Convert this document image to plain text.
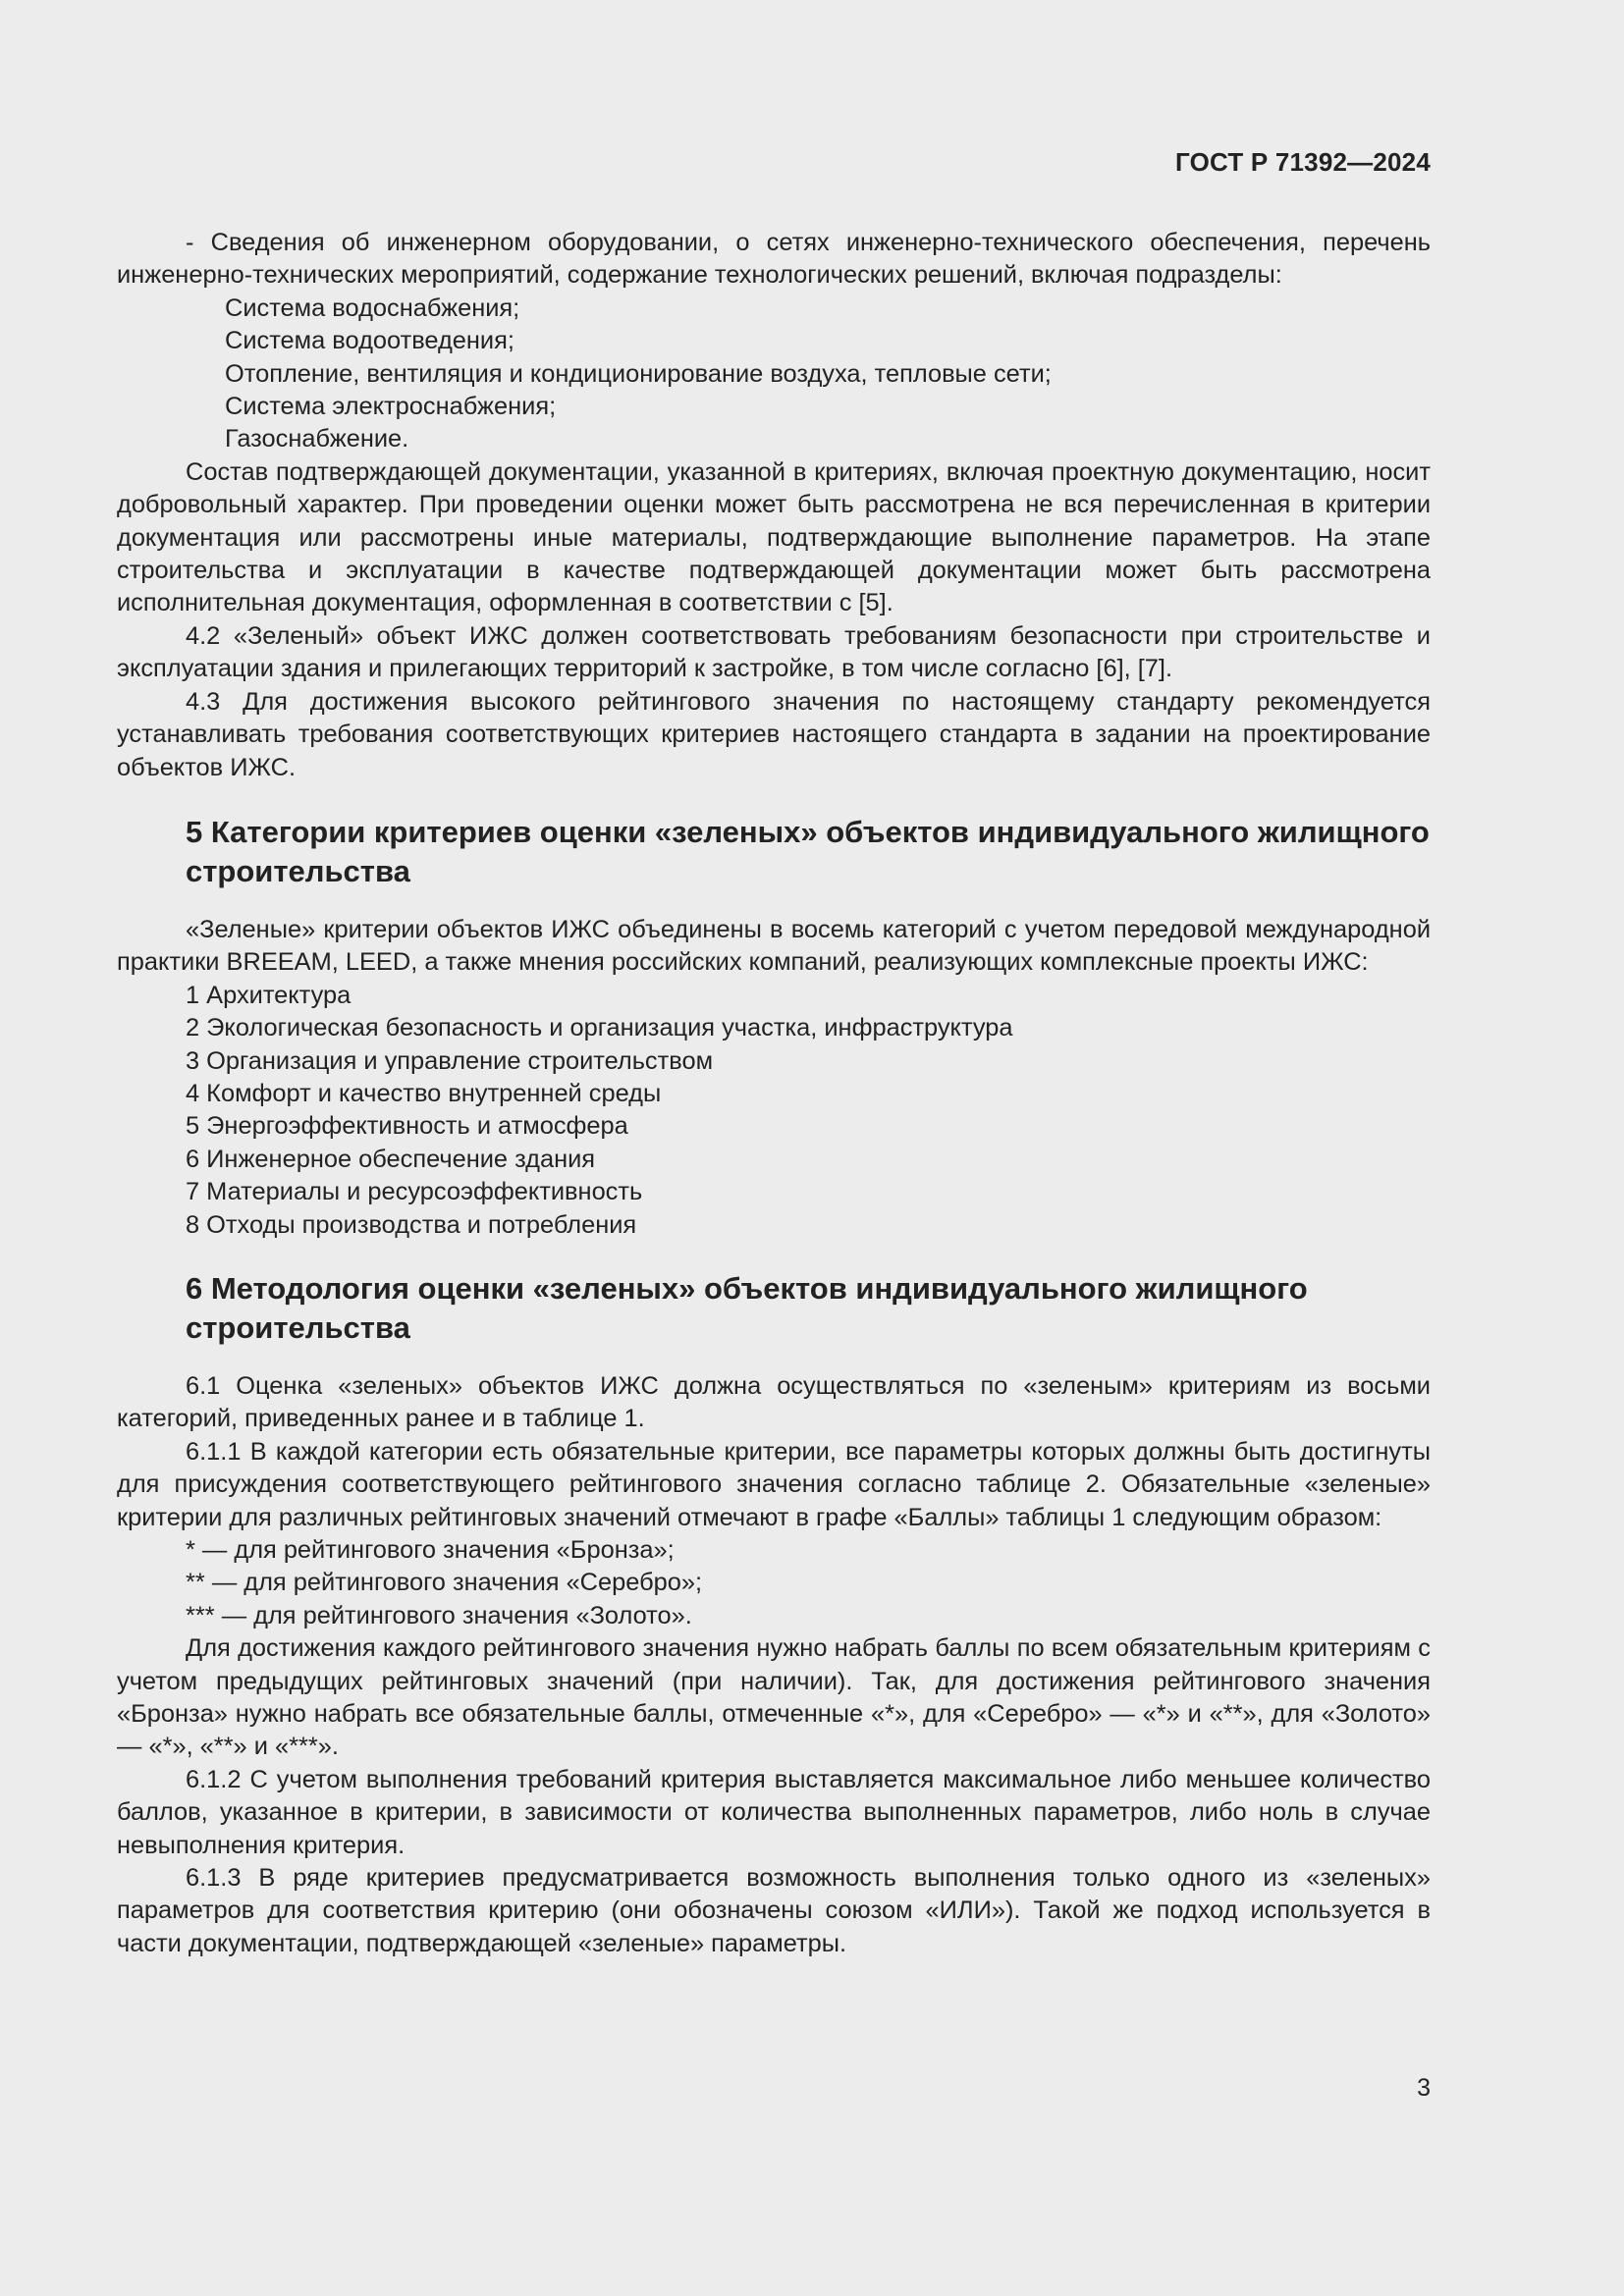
ГОСТ Р 71392—2024

- Сведения об инженерном оборудовании, о сетях инженерно-технического обеспечения, перечень инженерно-технических мероприятий, содержание технологических решений, включая подразделы:

Система водоснабжения;

Система водоотведения;

Отопление, вентиляция и кондиционирование воздуха, тепловые сети;

Система электроснабжения;

Газоснабжение.

Состав подтверждающей документации, указанной в критериях, включая проектную документацию, носит добровольный характер. При проведении оценки может быть рассмотрена не вся перечисленная в критерии документация или рассмотрены иные материалы, подтверждающие выполнение параметров. На этапе строительства и эксплуатации в качестве подтверждающей документации может быть рассмотрена исполнительная документация, оформленная в соответствии с [5].

4.2 «Зеленый» объект ИЖС должен соответствовать требованиям безопасности при строительстве и эксплуатации здания и прилегающих территорий к застройке, в том числе согласно [6], [7].

4.3 Для достижения высокого рейтингового значения по настоящему стандарту рекомендуется устанавливать требования соответствующих критериев настоящего стандарта в задании на проектирование объектов ИЖС.

5 Категории критериев оценки «зеленых» объектов индивидуального жилищного строительства

«Зеленые» критерии объектов ИЖС объединены в восемь категорий с учетом передовой международной практики BREEAM, LEED, а также мнения российских компаний, реализующих комплексные проекты ИЖС:

1 Архитектура

2 Экологическая безопасность и организация участка, инфраструктура

3 Организация и управление строительством

4 Комфорт и качество внутренней среды

5 Энергоэффективность и атмосфера

6 Инженерное обеспечение здания

7 Материалы и ресурсоэффективность

8 Отходы производства и потребления

6 Методология оценки «зеленых» объектов индивидуального жилищного строительства

6.1 Оценка «зеленых» объектов ИЖС должна осуществляться по «зеленым» критериям из восьми категорий, приведенных ранее и в таблице 1.

6.1.1 В каждой категории есть обязательные критерии, все параметры которых должны быть достигнуты для присуждения соответствующего рейтингового значения согласно таблице 2. Обязательные «зеленые» критерии для различных рейтинговых значений отмечают в графе «Баллы» таблицы 1 следующим образом:

* — для рейтингового значения «Бронза»;

** — для рейтингового значения «Серебро»;

*** — для рейтингового значения «Золото».

Для достижения каждого рейтингового значения нужно набрать баллы по всем обязательным критериям с учетом предыдущих рейтинговых значений (при наличии). Так, для достижения рейтингового значения «Бронза» нужно набрать все обязательные баллы, отмеченные «*», для «Серебро» — «*» и «**», для «Золото» — «*», «**» и «***».

6.1.2 С учетом выполнения требований критерия выставляется максимальное либо меньшее количество баллов, указанное в критерии, в зависимости от количества выполненных параметров, либо ноль в случае невыполнения критерия.

6.1.3 В ряде критериев предусматривается возможность выполнения только одного из «зеленых» параметров для соответствия критерию (они обозначены союзом «ИЛИ»). Такой же подход используется в части документации, подтверждающей «зеленые» параметры.

3
